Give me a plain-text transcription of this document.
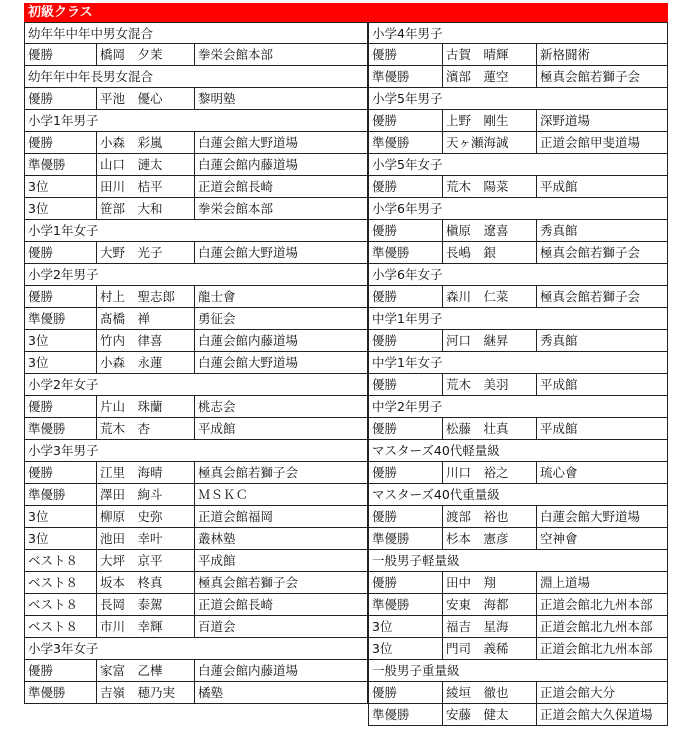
初級クラス
幼年年中年中男女混合
優勝	橋岡　夕茉	拳栄会館本部
幼年年中年長男女混合
優勝	平池　優心	黎明塾
小学1年男子
優勝	小森　彩嵐	白蓮会館大野道場
準優勝	山口　漣太	白蓮会館内藤道場
3位	田川　桔平	正道会館長崎
3位	笹部　大和	拳栄会館本部
小学1年女子
優勝	大野　光子	白蓮会館大野道場
小学2年男子
優勝	村上　聖志郎 龍士會
準優勝	髙橋　禅	勇征会
3位	竹内　律喜	白蓮会館内藤道場
3位	小森　永蓮	白蓮会館大野道場
小学2年女子
優勝	片山　珠蘭	桃志会
準優勝	荒木　杏	平成館
小学3年男子
優勝	江里　海晴	極真会館若獅子会
準優勝	澤田　絢斗	ＭＳＫＣ
3位	柳原　史弥	正道会館福岡
3位	池田　幸叶	叢林塾
ベスト８ 大坪　京平	平成館
ベスト８ 坂本　柊真	極真会館若獅子会
ベスト８ 長岡　泰駕	正道会館長崎
ベスト８ 市川　幸輝	百道会
小学3年女子
優勝	家富　乙樺	白蓮会館内藤道場
準優勝	吉嶺　穂乃実 橘塾
小学4年男子
優勝	古賀　晴輝	新格闘術
準優勝	濱部　蓮空	極真会館若獅子会
小学5年男子
優勝	上野　剛生	深野道場
準優勝	天ヶ瀬海誠	正道会館甲斐道場
小学5年女子
優勝	荒木　陽菜	平成館
小学6年男子
優勝	槇原　遼喜	秀真館
準優勝	長嶋　銀	極真会館若獅子会
小学6年女子
優勝	森川　仁菜	極真会館若獅子会
中学1年男子
優勝	河口　継昇	秀真館
中学1年女子
優勝	荒木　美羽	平成館
中学2年男子
優勝	松藤　壮真	平成館
マスターズ40代軽量級
優勝	川口　裕之	琉心會
マスターズ40代重量級
優勝	渡部　裕也	白蓮会館大野道場
準優勝	杉本　憲彦	空神會
一般男子軽量級
優勝	田中　翔	淵上道場
準優勝	安東　海都	正道会館北九州本部
3位	福吉　星海	正道会館北九州本部
3位	門司　義稀	正道会館北九州本部
一般男子重量級
優勝	綾垣　徹也	正道会館大分
準優勝	安藤　健太	正道会館大久保道場
